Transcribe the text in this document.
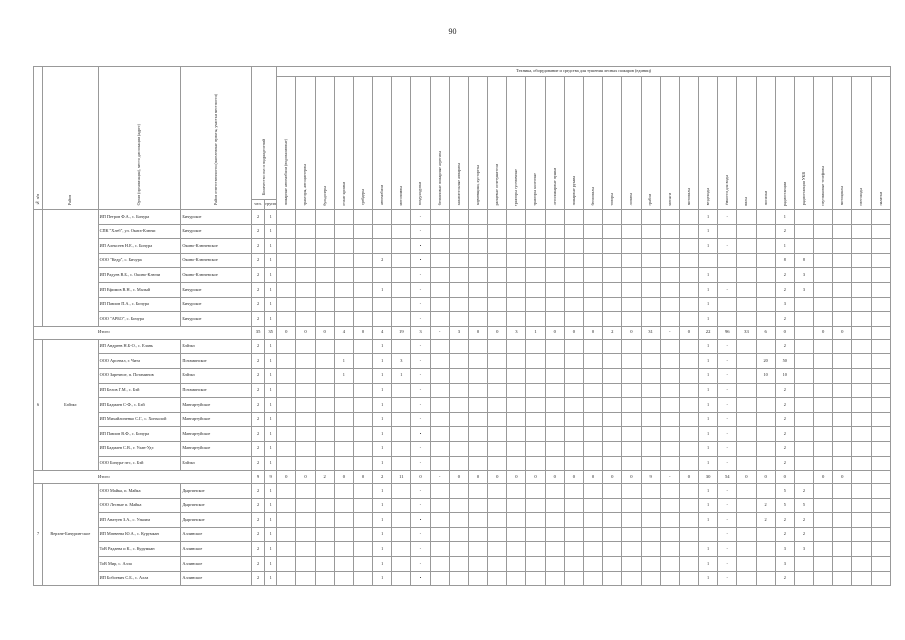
90
№ п/п	Район	Орган (организация), место дислокации (адрес)	Район ответственности (населенные пункты, участки местности)	Количество сил и подразделений		Техника, оборудование и средства для тушения лесных пожаров (единиц)																															
						пожарные автомобили (водоналивные)	тракторы, автоцистерны	бульдозеры	отжиг кромки	грейдеры	автомобили	мотопомпы	воздуходувки	бензиновые пожарные агрегаты	зажигательные аппараты	корчевщики, кусторезы	ранцевые огнетушители	тракторы гусеничные	тракторы колесные	лесопожарные пушки	пожарные рукава	бензопилы	топоры	лопаты	грабли	мотыги	мотопилы	вездеходы	ёмкости для воды	пилы	носилки	радиостанции	радиостанции УКВ	спутниковые телефоны	мотоциклы	снегоходы	палатки
				чел.	групп																																
		ИП Петров Ф.А., с. Бичура	Бичурское	2	1								-															1	-			1					
		СПК "Хлеб", ул. Оката-Ключи	Бичурское	2	1								-															1				2					
		ИП Алексеев Н.Е., с. Бичура	Окино-Ключевское	2	1								•															1	-			1					
		ООО "Кедр", с. Бичура	Окино-Ключевское	2	1						2		•																			8	8				
		ИП Радуев В.Б., с. Окино-Ключи	Окино-Ключевское	2	1								-															1				2	3				
		ИП Ефимов В.Н., с. Малый	Бичурское	2	1						1		-															1	-			2	3				
		ИП Павлов П.А., с. Бичура	Бичурское	2	1								-															1				3					
		ООО "АРБО", с. Бичура	Бичурское	2	1								-															1				2					
Итого				35	35	0	0	0	4	0	4	19	3	-	3	0	0	3	1	0	0	0	2	0	31	-	0	22	96	33	6	0		0	0		
6	Бэйэкэ	ИП Андреев Н.Б-О., с. Елань	Бэйэкэ	2	1						1		-															1	-			2					
		ООО Арсенал, г. Чита	Потаминское	2	1				1		1	3	-															1	-		20	50					
		ООО Заречное, п. Потаминов	Бэйэкэ	2	1				1		1	1	-															1	-		10	10					
		ИП Белов Г.М., с. Бэй	Потаминское	2	1						1		-															1	-			2					
		ИП Бадмаев С-Ф., с. Бэй	Мангартуйское	2	1						1		-															1	-			2					
		ИП Михайличенко С.Г., с. Хонхолой	Мангартуйское	2	1						1		-															1	-			2					
		ИП Павлов В.Ф., с. Бичура	Мангартуйское	2	1						1		•															1	-			2					
		ИП Бадмаев С.В., г. Улан-Удэ	Мангартуйское	2	1						1		-															1	-			2					
		ООО Бичура-лес, с. Бэй	Бэйэкэ	2	1						1		-															1	-			2					
Итого				9	9	0	0	2	0	0	2	11	0	-	0	0	0	0	0	0	0	0	0	0	9	-	0	30	54	0	0	0		0	0		
7	Верхне-Бичурин-ское	ООО Майка, п. Майка	Дыргинское	2	1						1		-															1	-			5	2				
		ООО Лесные п. Майка	Дыргинское	2	1						1		-															1	-		2	5	5				
		ИП Анатуев З.А., с. Узкоим	Дыргинское	2	1						1		•															1	-		2	2	2				
		ИП Матвеева Ю.А., с. Курумкан	Аллинское	2	1						1		-																-			2	2				
		ТоВ Радаева и К., с. Курумкан	Аллинское	2	1						1		-															1	-			3	3				
		ТоВ Мир, с. Алла	Аллинское	2	1						1		-															1	-			3					
		ИП Бобоевич С.Б., с. Алла	Аллинское	2	1						1		•															1	-			2					
